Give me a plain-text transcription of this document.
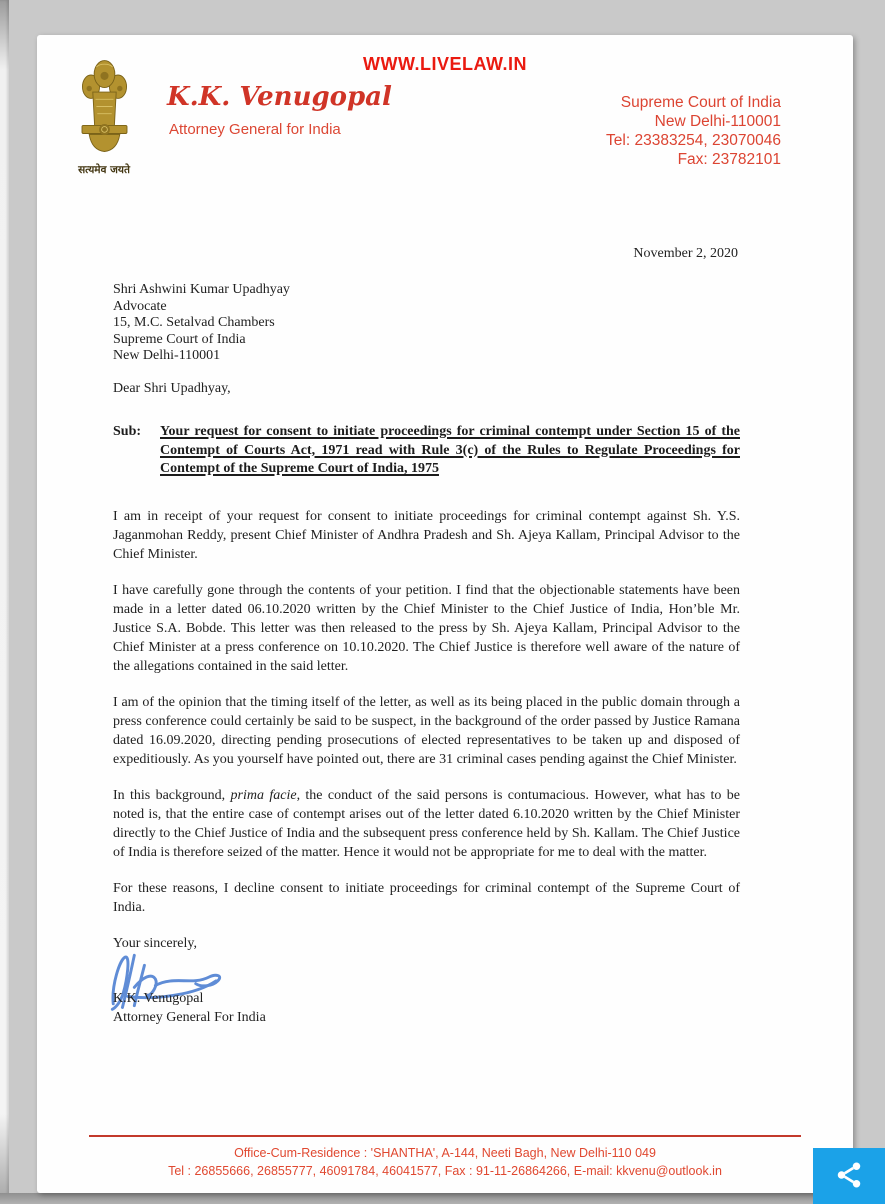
WWW.LIVELAW.IN
सत्यमेव जयते
K.K. Venugopal
Attorney General for India
Supreme Court of India
New Delhi-110001
Tel: 23383254, 23070046
Fax: 23782101
November 2, 2020
Shri Ashwini Kumar Upadhyay
Advocate
15, M.C. Setalvad Chambers
Supreme Court of India
New Delhi-110001
Dear Shri Upadhyay,
Sub:	Your request for consent to initiate proceedings for criminal contempt under Section 15 of the Contempt of Courts Act, 1971 read with Rule 3(c) of the Rules to Regulate Proceedings for Contempt of the Supreme Court of India, 1975

I am in receipt of your request for consent to initiate proceedings for criminal contempt against Sh. Y.S. Jaganmohan Reddy, present Chief Minister of Andhra Pradesh and Sh. Ajeya Kallam, Principal Advisor to the Chief Minister.

I have carefully gone through the contents of your petition. I find that the objectionable statements have been made in a letter dated 06.10.2020 written by the Chief Minister to the Chief Justice of India, Hon’ble Mr. Justice S.A. Bobde. This letter was then released to the press by Sh. Ajeya Kallam, Principal Advisor to the Chief Minister at a press conference on 10.10.2020. The Chief Justice is therefore well aware of the nature of the allegations contained in the said letter.

I am of the opinion that the timing itself of the letter, as well as its being placed in the public domain through a press conference could certainly be said to be suspect, in the background of the order passed by Justice Ramana dated 16.09.2020, directing pending prosecutions of elected representatives to be taken up and disposed of expeditiously. As you yourself have pointed out, there are 31 criminal cases pending against the Chief Minister.

In this background, prima facie, the conduct of the said persons is contumacious. However, what has to be noted is, that the entire case of contempt arises out of the letter dated 6.10.2020 written by the Chief Minister directly to the Chief Justice of India and the subsequent press conference held by Sh. Kallam. The Chief Justice of India is therefore seized of the matter. Hence it would not be appropriate for me to deal with the matter.

For these reasons, I decline consent to initiate proceedings for criminal contempt of the Supreme Court of India.

Your sincerely,
K.K. Venugopal
Attorney General For India
Office-Cum-Residence : 'SHANTHA', A-144, Neeti Bagh, New Delhi-110 049
Tel : 26855666, 26855777, 46091784, 46041577, Fax : 91-11-26864266, E-mail: kkvenu@outlook.in
